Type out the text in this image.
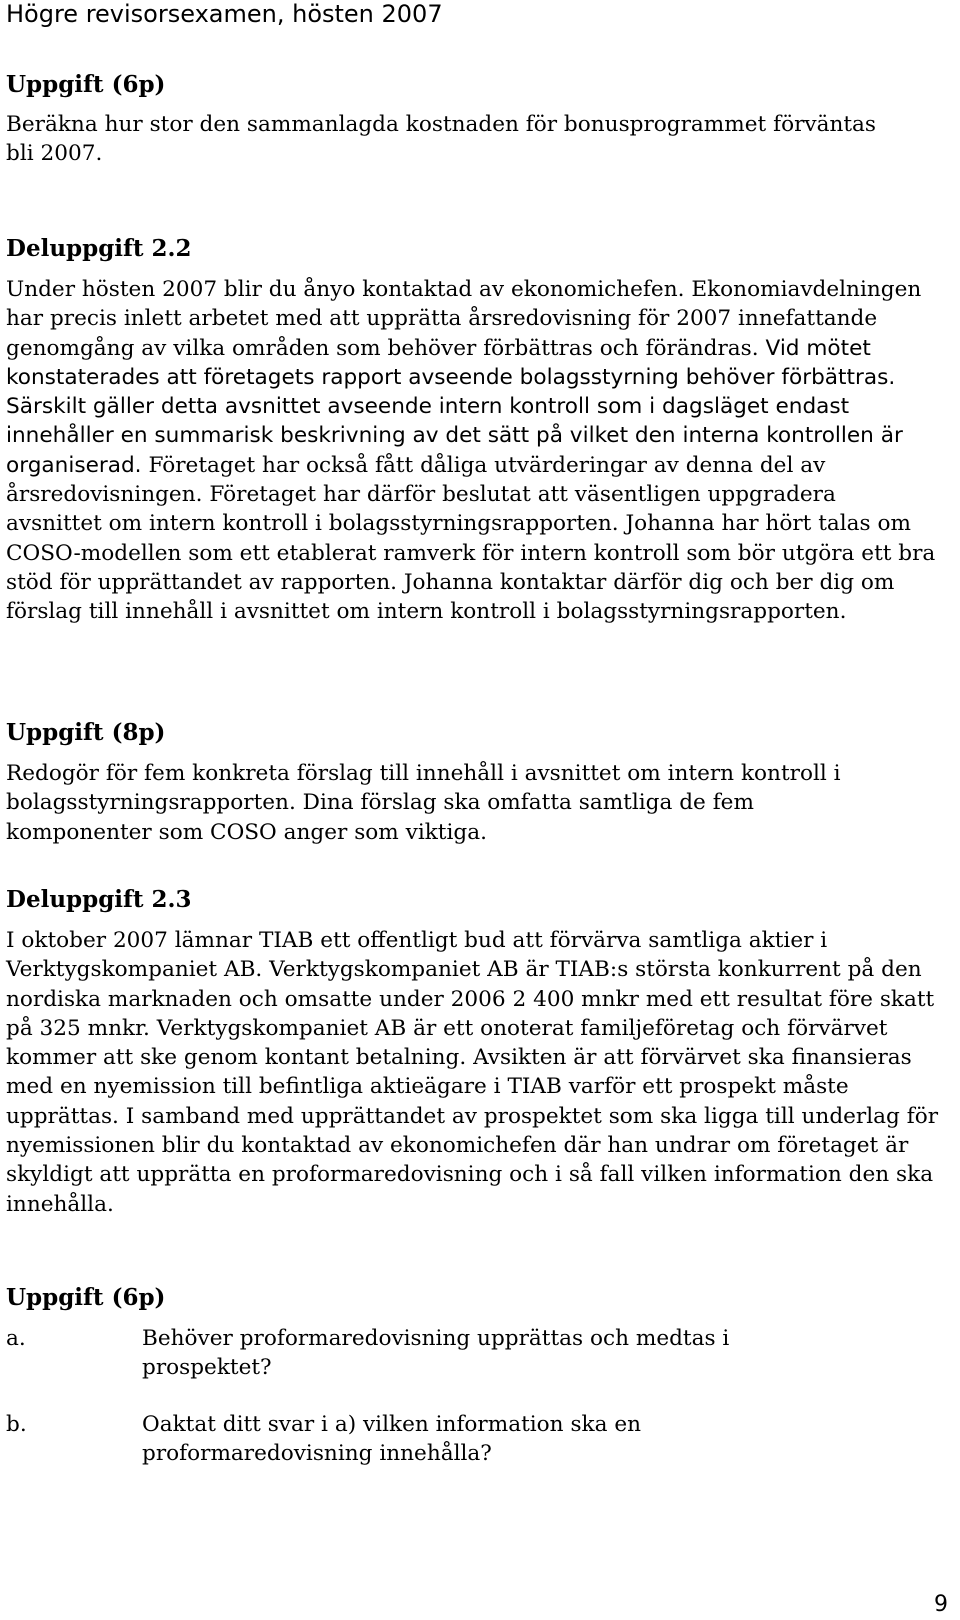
Högre revisorsexamen, hösten 2007

Uppgift (6p)

Beräkna hur stor den sammanlagda kostnaden för bonusprogrammet förväntas bli 2007.

Deluppgift 2.2

Under hösten 2007 blir du ånyo kontaktad av ekonomichefen. Ekonomiavdelningen har precis inlett arbetet med att upprätta årsredovisning för 2007 innefattande genomgång av vilka områden som behöver förbättras och förändras. Vid mötet konstaterades att företagets rapport avseende bolagsstyrning behöver förbättras. Särskilt gäller detta avsnittet avseende intern kontroll som i dagsläget endast innehåller en summarisk beskrivning av det sätt på vilket den interna kontrollen är organiserad. Företaget har också fått dåliga utvärderingar av denna del av årsredovisningen. Företaget har därför beslutat att väsentligen uppgradera avsnittet om intern kontroll i bolagsstyrningsrapporten. Johanna har hört talas om COSO-modellen som ett etablerat ramverk för intern kontroll som bör utgöra ett bra stöd för upprättandet av rapporten. Johanna kontaktar därför dig och ber dig om förslag till innehåll i avsnittet om intern kontroll i bolagsstyrningsrapporten.

Uppgift (8p)

Redogör för fem konkreta förslag till innehåll i avsnittet om intern kontroll i bolagsstyrningsrapporten. Dina förslag ska omfatta samtliga de fem komponenter som COSO anger som viktiga.

Deluppgift 2.3

I oktober 2007 lämnar TIAB ett offentligt bud att förvärva samtliga aktier i Verktygskompaniet AB. Verktygskompaniet AB är TIAB:s största konkurrent på den nordiska marknaden och omsatte under 2006 2 400 mnkr med ett resultat före skatt på 325 mnkr. Verktygskompaniet AB är ett onoterat familjeföretag och förvärvet kommer att ske genom kontant betalning. Avsikten är att förvärvet ska finansieras med en nyemission till befintliga aktieägare i TIAB varför ett prospekt måste upprättas. I samband med upprättandet av prospektet som ska ligga till underlag för nyemissionen blir du kontaktad av ekonomichefen där han undrar om företaget är skyldigt att upprätta en proformaredovisning och i så fall vilken information den ska innehålla.

Uppgift (6p)

a.	Behöver proformaredovisning upprättas och medtas i prospektet?
b.	Oaktat ditt svar i a) vilken information ska en proformaredovisning innehålla?
9
